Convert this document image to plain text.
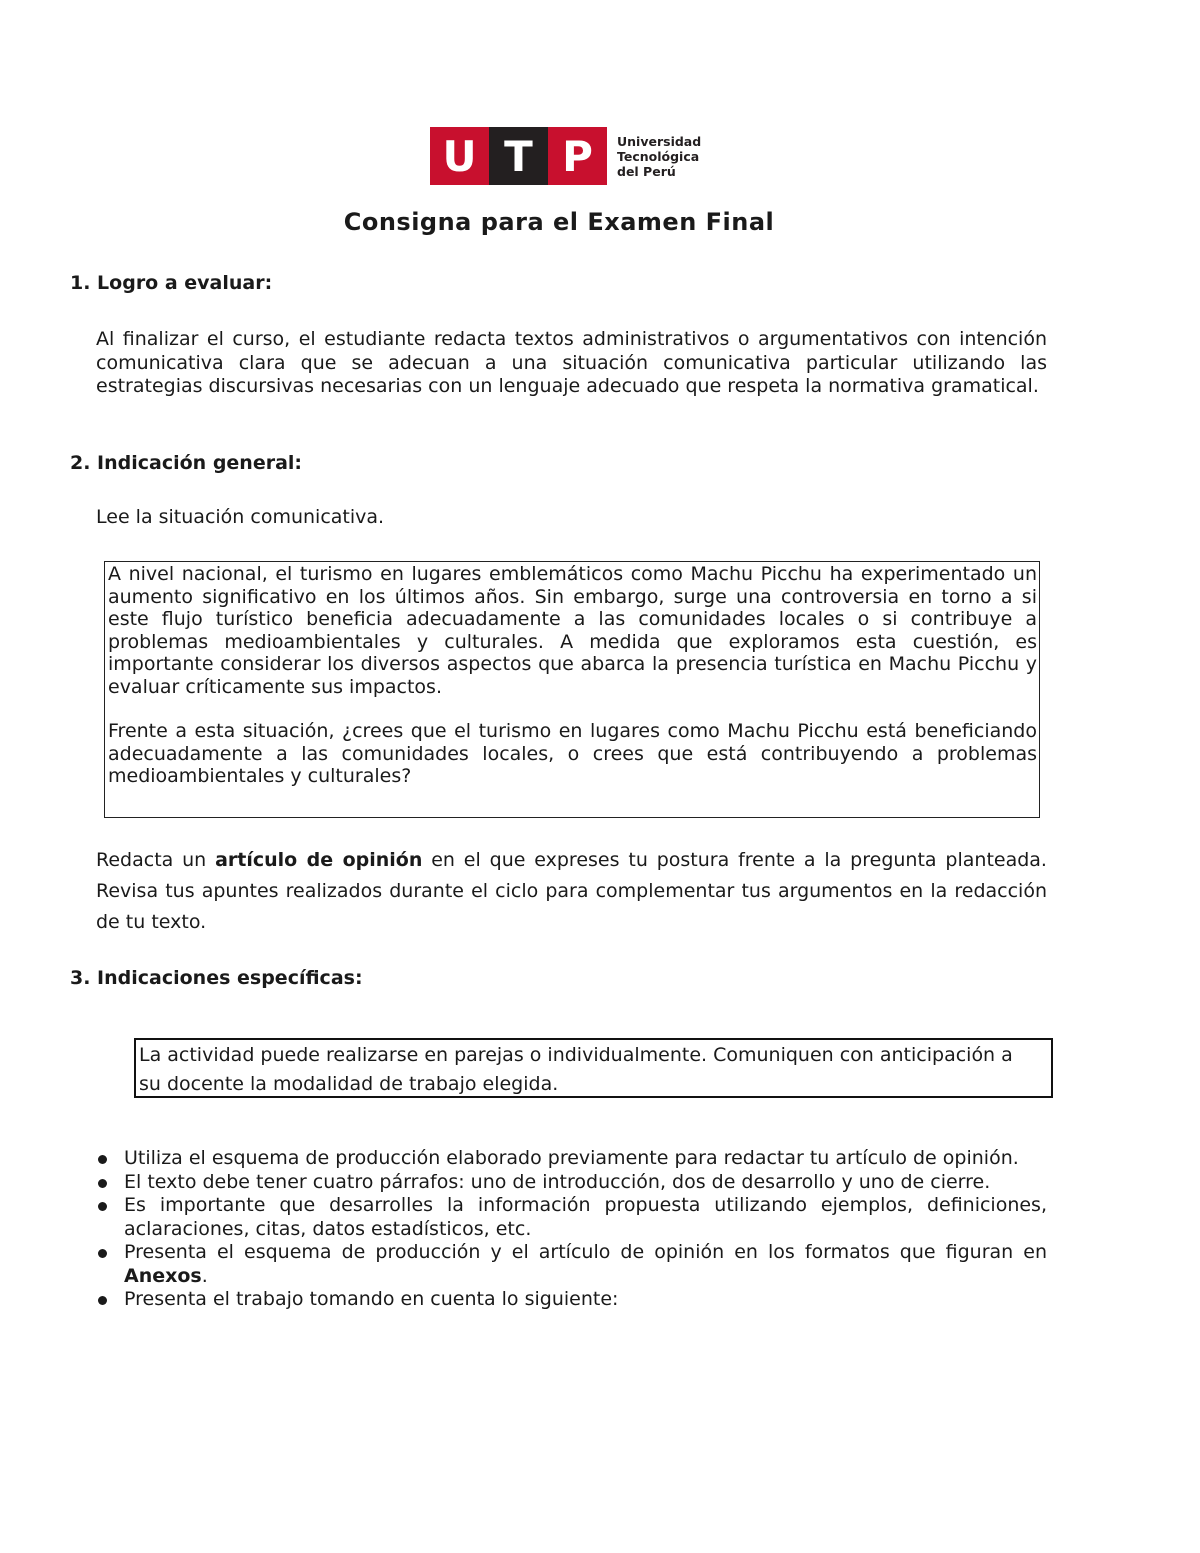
U T P	Universidad
Tecnológica
del Perú
Consigna para el Examen Final
1. Logro a evaluar:
Al finalizar el curso, el estudiante redacta textos administrativos o argumentativos con intención comunicativa clara que se adecuan a una situación comunicativa particular utilizando las estrategias discursivas necesarias con un lenguaje adecuado que respeta la normativa gramatical.
2. Indicación general:
Lee la situación comunicativa.

A nivel nacional, el turismo en lugares emblemáticos como Machu Picchu ha experimentado un aumento significativo en los últimos años. Sin embargo, surge una controversia en torno a si este flujo turístico beneficia adecuadamente a las comunidades locales o si contribuye a problemas medioambientales y culturales. A medida que exploramos esta cuestión, es importante considerar los diversos aspectos que abarca la presencia turística en Machu Picchu y evaluar críticamente sus impactos.

Frente a esta situación, ¿crees que el turismo en lugares como Machu Picchu está beneficiando adecuadamente a las comunidades locales, o crees que está contribuyendo a problemas medioambientales y culturales?

Redacta un artículo de opinión en el que expreses tu postura frente a la pregunta planteada. Revisa tus apuntes realizados durante el ciclo para complementar tus argumentos en la redacción de tu texto.
3. Indicaciones específicas:
La actividad puede realizarse en parejas o individualmente. Comuniquen con anticipación a su docente la modalidad de trabajo elegida.
Utiliza el esquema de producción elaborado previamente para redactar tu artículo de opinión.
El texto debe tener cuatro párrafos: uno de introducción, dos de desarrollo y uno de cierre.
Es importante que desarrolles la información propuesta utilizando ejemplos, definiciones, aclaraciones, citas, datos estadísticos, etc.
Presenta el esquema de producción y el artículo de opinión en los formatos que figuran en Anexos.
Presenta el trabajo tomando en cuenta lo siguiente:
